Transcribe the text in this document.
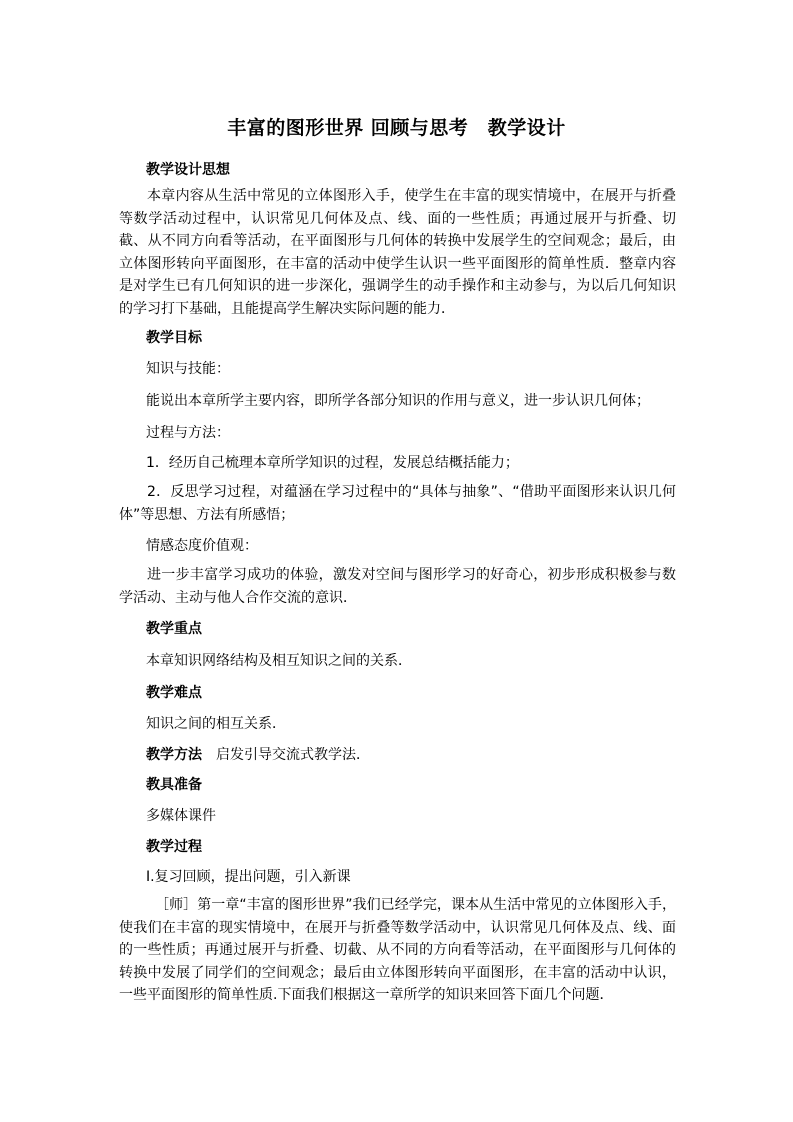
丰富的图形世界 回顾与思考　教学设计

教学设计思想

本章内容从生活中常见的立体图形入手，使学生在丰富的现实情境中，在展开与折叠等数学活动过程中，认识常见几何体及点、线、面的一些性质；再通过展开与折叠、切截、从不同方向看等活动，在平面图形与几何体的转换中发展学生的空间观念；最后，由立体图形转向平面图形，在丰富的活动中使学生认识一些平面图形的简单性质．整章内容是对学生已有几何知识的进一步深化，强调学生的动手操作和主动参与，为以后几何知识的学习打下基础，且能提高学生解决实际问题的能力．

教学目标

知识与技能：

能说出本章所学主要内容，即所学各部分知识的作用与意义，进一步认识几何体；

过程与方法：

1．经历自己梳理本章所学知识的过程，发展总结概括能力；

2．反思学习过程，对蕴涵在学习过程中的“具体与抽象”、“借助平面图形来认识几何体”等思想、方法有所感悟；

情感态度价值观：

进一步丰富学习成功的体验，激发对空间与图形学习的好奇心，初步形成积极参与数学活动、主动与他人合作交流的意识．

教学重点

本章知识网络结构及相互知识之间的关系．

教学难点

知识之间的相互关系．

教学方法 启发引导交流式教学法．

教具准备

多媒体课件

教学过程

Ⅰ.复习回顾，提出问题，引入新课

［师］第一章“丰富的图形世界”我们已经学完，课本从生活中常见的立体图形入手，使我们在丰富的现实情境中，在展开与折叠等数学活动中，认识常见几何体及点、线、面的一些性质；再通过展开与折叠、切截、从不同的方向看等活动，在平面图形与几何体的转换中发展了同学们的空间观念；最后由立体图形转向平面图形，在丰富的活动中认识，一些平面图形的简单性质.下面我们根据这一章所学的知识来回答下面几个问题．
